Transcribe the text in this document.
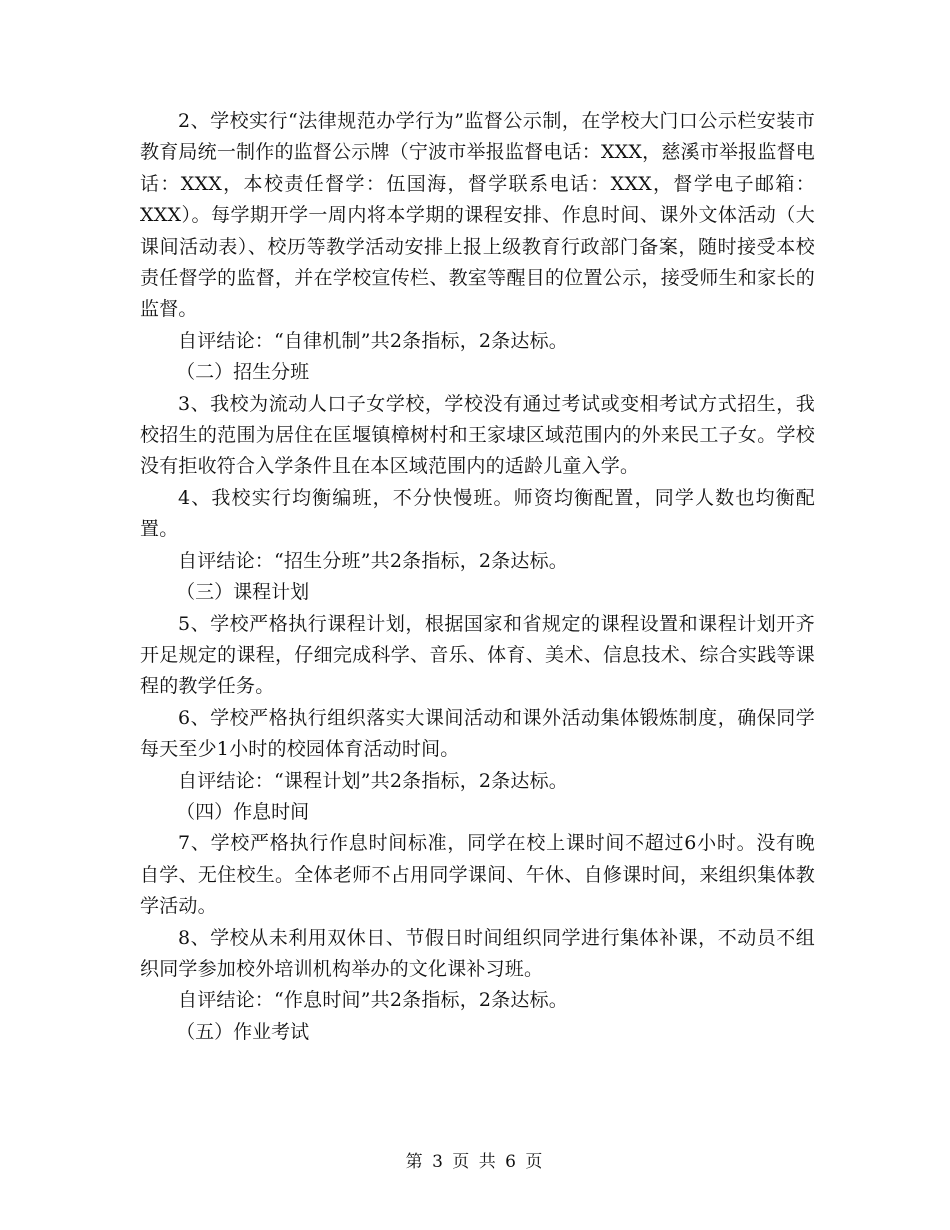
2、学校实行“法律规范办学行为”监督公示制，在学校大门口公示栏安装市教育局统一制作的监督公示牌（宁波市举报监督电话：XXX，慈溪市举报监督电话：XXX，本校责任督学：伍国海，督学联系电话：XXX，督学电子邮箱：XXX）。每学期开学一周内将本学期的课程安排、作息时间、课外文体活动（大课间活动表）、校历等教学活动安排上报上级教育行政部门备案，随时接受本校责任督学的监督，并在学校宣传栏、教室等醒目的位置公示，接受师生和家长的监督。

自评结论：“自律机制”共2条指标，2条达标。

（二）招生分班

3、我校为流动人口子女学校，学校没有通过考试或变相考试方式招生，我校招生的范围为居住在匡堰镇樟树村和王家埭区域范围内的外来民工子女。学校没有拒收符合入学条件且在本区域范围内的适龄儿童入学。

4、我校实行均衡编班，不分快慢班。师资均衡配置，同学人数也均衡配置。

自评结论：“招生分班”共2条指标，2条达标。

（三）课程计划

5、学校严格执行课程计划，根据国家和省规定的课程设置和课程计划开齐开足规定的课程，仔细完成科学、音乐、体育、美术、信息技术、综合实践等课程的教学任务。

6、学校严格执行组织落实大课间活动和课外活动集体锻炼制度，确保同学每天至少1小时的校园体育活动时间。

自评结论：“课程计划”共2条指标，2条达标。

（四）作息时间

7、学校严格执行作息时间标准，同学在校上课时间不超过6小时。没有晚自学、无住校生。全体老师不占用同学课间、午休、自修课时间，来组织集体教学活动。

8、学校从未利用双休日、节假日时间组织同学进行集体补课，不动员不组织同学参加校外培训机构举办的文化课补习班。

自评结论：“作息时间”共2条指标，2条达标。

（五）作业考试

第 3 页 共 6 页
